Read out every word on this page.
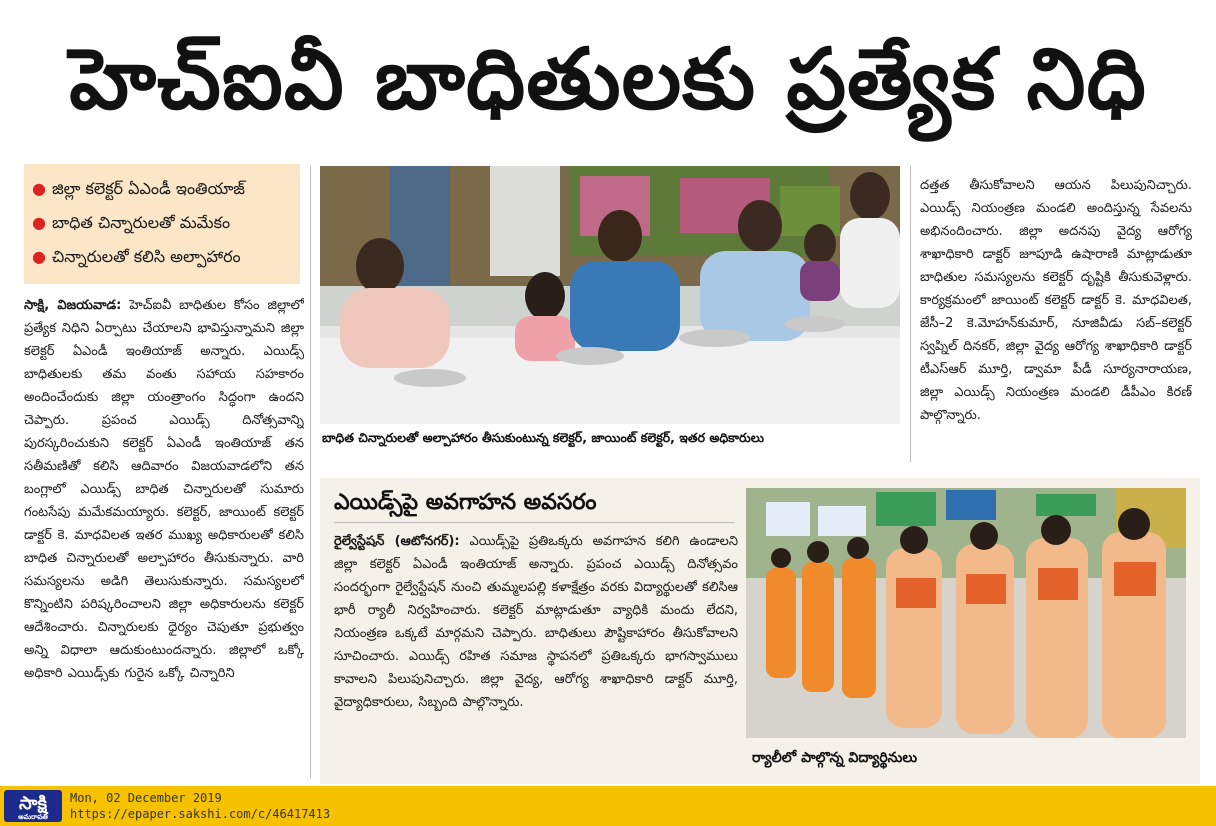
హెచ్‌ఐవీ బాధితులకు ప్రత్యేక నిధి
● జిల్లా కలెక్టర్ ఏఎండీ ఇంతియాజ్
● బాధిత చిన్నారులతో మమేకం
● చిన్నారులతో కలిసి అల్పాహారం
సాక్షి, విజయవాడ: హెచ్‌ఐవీ బాధితుల కోసం జిల్లాలో ప్రత్యేక నిధిని ఏర్పాటు చేయాలని భావిస్తున్నామని జిల్లా కలెక్టర్ ఏఎండీ ఇంతియాజ్ అన్నారు. ఎయిడ్స్ బాధితులకు తమ వంతు సహాయ సహకారం అందించేందుకు జిల్లా యంత్రాంగం సిద్ధంగా ఉందని చెప్పారు. ప్రపంచ ఎయిడ్స్ దినోత్సవాన్ని పురస్కరించుకుని కలెక్టర్ ఏఎండీ ఇంతియాజ్ తన సతీమణితో కలిసి ఆదివారం విజయవాడలోని తన బంగ్లాలో ఎయిడ్స్ బాధిత చిన్నారులతో సుమారు గంటసేపు మమేకమయ్యారు. కలెక్టర్, జాయింట్ కలెక్టర్ డాక్టర్ కె. మాధవిలత ఇతర ముఖ్య అధికారులతో కలిసి బాధిత చిన్నారులతో అల్పాహారం తీసుకున్నారు. వారి సమస్యలను అడిగి తెలుసుకున్నారు. సమస్యలలో కొన్నింటిని పరిష్కరించాలని జిల్లా అధికారులను కలెక్టర్ ఆదేశించారు. చిన్నారులకు ధైర్యం చెపుతూ ప్రభుత్వం అన్ని విధాలా ఆదుకుంటుందన్నారు. జిల్లాలో ఒక్కో అధికారి ఎయిడ్స్‌కు గురైన ఒక్కో చిన్నారిని
బాధిత చిన్నారులతో అల్పాహారం తీసుకుంటున్న కలెక్టర్, జాయింట్ కలెక్టర్, ఇతర అధికారులు
దత్తత తీసుకోవాలని ఆయన పిలుపునిచ్చారు. ఎయిడ్స్ నియంత్రణ మండలి అందిస్తున్న సేవలను అభినందించారు. జిల్లా అదనపు వైద్య ఆరోగ్య శాఖాధికారి డాక్టర్ జూపూడి ఉషారాణి మాట్లాడుతూ బాధితుల సమస్యలను కలెక్టర్ దృష్టికి తీసుకువెళ్లారు. కార్యక్రమంలో జాయింట్ కలెక్టర్ డాక్టర్ కె. మాధవిలత, జేసీ–2 కె.మోహన్‌కుమార్, నూజివీడు సబ్–కలెక్టర్ స్వప్నిల్ దినకర్, జిల్లా వైద్య ఆరోగ్య శాఖాధికారి డాక్టర్ టీఎస్‌ఆర్ మూర్తి, డ్వామా పీడీ సూర్యనారాయణ, జిల్లా ఎయిడ్స్ నియంత్రణ మండలి డీపీఎం కిరణ్ పాల్గొన్నారు.
ఎయిడ్స్‌పై అవగాహన అవసరం
రైల్వేస్టేషన్ (ఆటోనగర్): ఎయిడ్స్‌పై ప్రతిఒక్కరు అవగాహన కలిగి ఉండాలని జిల్లా కలెక్టర్ ఏఎండీ ఇంతియాజ్ అన్నారు. ప్రపంచ ఎయిడ్స్ దినోత్సవం సందర్భంగా రైల్వేస్టేషన్ నుంచి తుమ్మలపల్లి కళాక్షేత్రం వరకు విద్యార్థులతో కలిసిఆ భారీ ర్యాలీ నిర్వహించారు. కలెక్టర్ మాట్లాడుతూ వ్యాధికి మందు లేదని, నియంత్రణ ఒక్కటే మార్గమని చెప్పారు. బాధితులు పౌష్టికాహారం తీసుకోవాలని సూచించారు. ఎయిడ్స్ రహిత సమాజ స్థాపనలో ప్రతిఒక్కరు భాగస్వాములు కావాలని పిలుపునిచ్చారు. జిల్లా వైద్య, ఆరోగ్య శాఖాధికారి డాక్టర్ మూర్తి, వైద్యాధికారులు, సిబ్బంది పాల్గొన్నారు.
ర్యాలీలో పాల్గొన్న విద్యార్థినులు
సాక్షి
అమరావతి
Mon, 02 December 2019
https://epaper.sakshi.com/c/46417413
